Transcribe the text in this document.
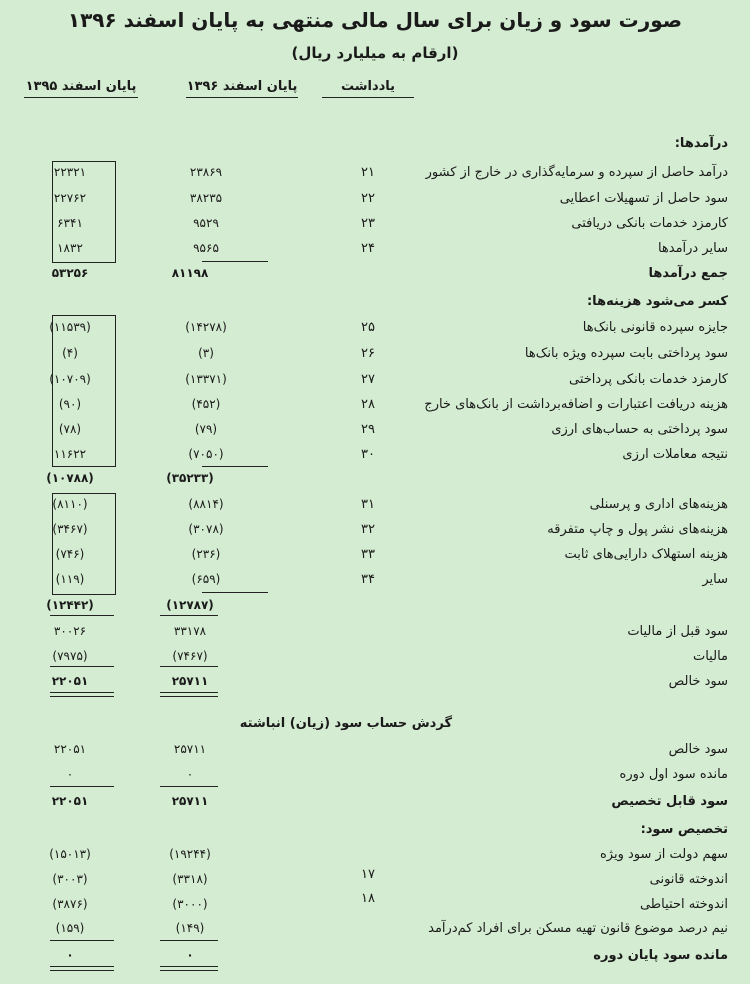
صورت سود و زیان برای سال مالی منتهی به پایان اسفند ۱۳۹۶
(ارقام به میلیارد ریال)
یادداشت
پایان اسفند ۱۳۹۶
پایان اسفند ۱۳۹۵
درآمدها:
درآمد حاصل از سپرده و سرمایه‌گذاری در خارج از کشور
۲۱
۲۳۸۶۹
۲۲۳۲۱
سود حاصل از تسهیلات اعطایی
۲۲
۳۸۲۳۵
۲۲۷۶۲
کارمزد خدمات بانکی دریافتی
۲۳
۹۵۲۹
۶۳۴۱
سایر درآمدها
۲۴
۹۵۶۵
۱۸۳۲
جمع درآمدها
۸۱۱۹۸
۵۳۲۵۶
کسر می‌شود هزینه‌ها:
جایزه سپرده قانونی بانک‌ها
۲۵
(۱۴۲۷۸)
(۱۱۵۳۹)
سود پرداختی بابت سپرده ویژه بانک‌ها
۲۶
(۳)
(۴)
کارمزد خدمات بانکی پرداختی
۲۷
(۱۳۳۷۱)
(۱۰۷۰۹)
هزینه دریافت اعتبارات و اضافه‌برداشت از بانک‌های خارج
۲۸
(۴۵۲)
(۹۰)
سود پرداختی به حساب‌های ارزی
۲۹
(۷۹)
(۷۸)
نتیجه معاملات ارزی
۳۰
(۷۰۵۰)
۱۱۶۲۲
(۳۵۲۳۳)
(۱۰۷۸۸)
هزینه‌های اداری و پرسنلی
۳۱
(۸۸۱۴)
(۸۱۱۰)
هزینه‌های نشر پول و چاپ متفرقه
۳۲
(۳۰۷۸)
(۳۴۶۷)
هزینه استهلاک دارایی‌های ثابت
۳۳
(۲۳۶)
(۷۴۶)
سایر
۳۴
(۶۵۹)
(۱۱۹)
(۱۲۷۸۷)
(۱۲۴۴۲)
سود قبل از مالیات
۳۳۱۷۸
۳۰۰۲۶
مالیات
(۷۴۶۷)
(۷۹۷۵)
سود خالص
۲۵۷۱۱
۲۲۰۵۱
گردش حساب سود (زیان) انباشته
سود خالص
۲۵۷۱۱
۲۲۰۵۱
مانده سود اول دوره
۰
۰
سود قابل تخصیص
۲۵۷۱۱
۲۲۰۵۱
تخصیص سود:
سهم دولت از سود ویژه
(۱۹۲۴۴)
(۱۵۰۱۳)
اندوخته قانونی
۱۷
(۳۳۱۸)
(۳۰۰۳)
اندوخته احتیاطی
۱۸
(۳۰۰۰)
(۳۸۷۶)
نیم درصد موضوع قانون تهیه مسکن برای افراد کم‌درآمد
(۱۴۹)
(۱۵۹)
مانده سود پایان دوره
۰
۰
